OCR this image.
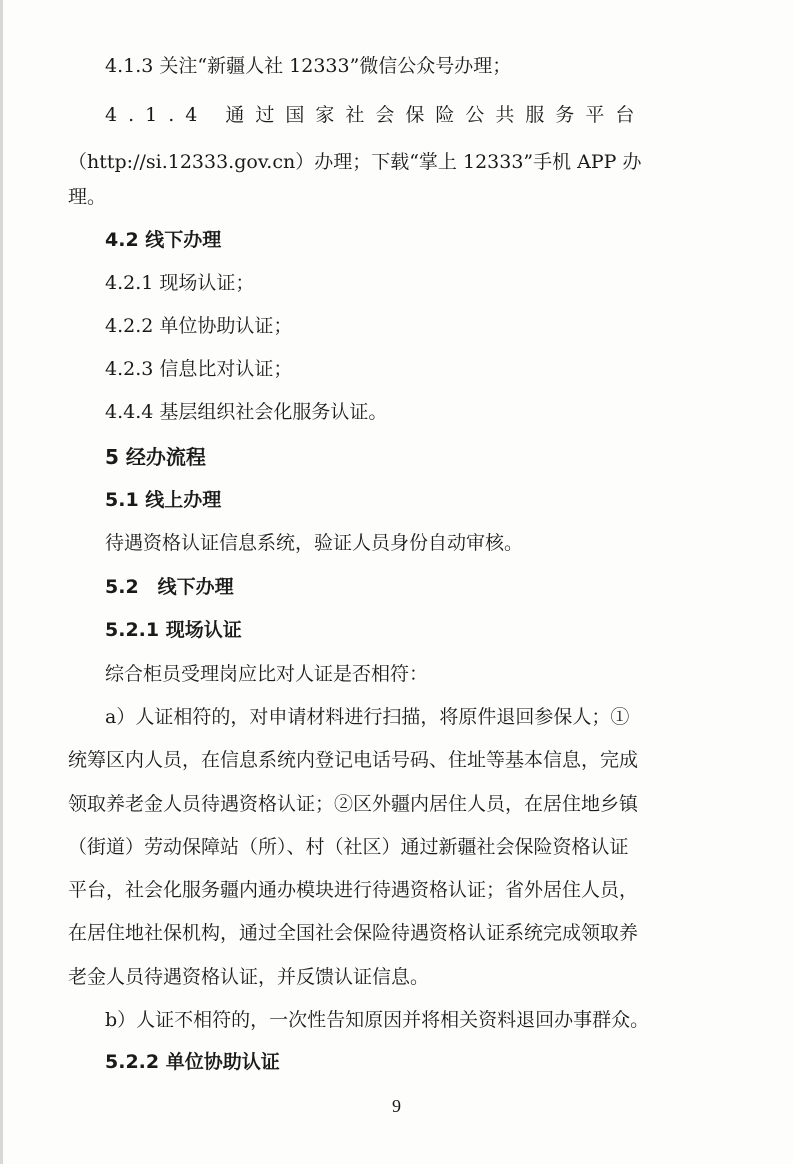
4.1.3 关注“新疆人社 12333”微信公众号办理；
4.1.4 通过国家社会保险公共服务平台
（http://si.12333.gov.cn）办理；下载“掌上 12333”手机 APP 办
理。
4.2 线下办理
4.2.1 现场认证；
4.2.2 单位协助认证；
4.2.3 信息比对认证；
4.4.4 基层组织社会化服务认证。
5 经办流程
5.1 线上办理
待遇资格认证信息系统，验证人员身份自动审核。
5.2　线下办理
5.2.1 现场认证
综合柜员受理岗应比对人证是否相符：
a）人证相符的，对申请材料进行扫描，将原件退回参保人；①
统筹区内人员，在信息系统内登记电话号码、住址等基本信息，完成
领取养老金人员待遇资格认证；②区外疆内居住人员，在居住地乡镇
（街道）劳动保障站（所）、村（社区）通过新疆社会保险资格认证
平台，社会化服务疆内通办模块进行待遇资格认证；省外居住人员，
在居住地社保机构，通过全国社会保险待遇资格认证系统完成领取养
老金人员待遇资格认证，并反馈认证信息。
b）人证不相符的，一次性告知原因并将相关资料退回办事群众。
5.2.2 单位协助认证
9
